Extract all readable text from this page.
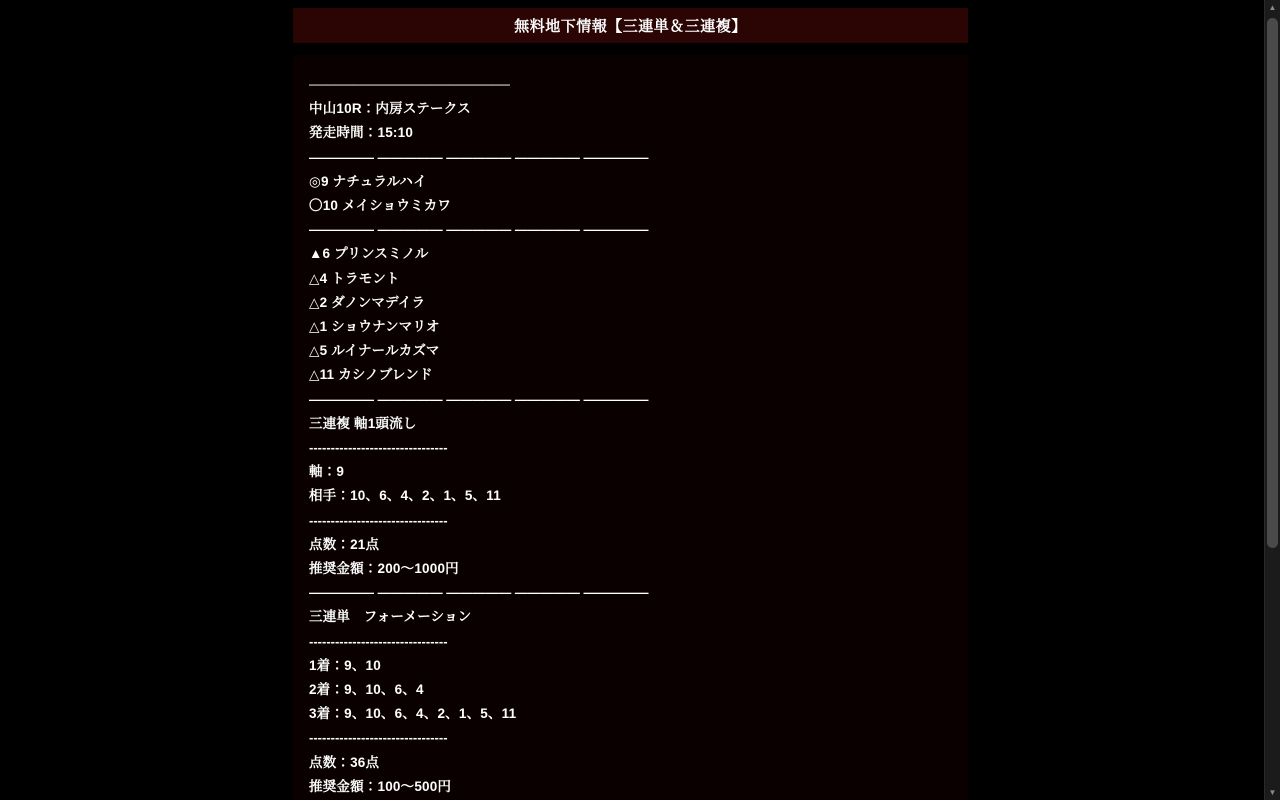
無料地下情報【三連単＆三連複】
───────────────────────
中山10R：内房ステークス
発走時間：15:10
――――― ――――― ――――― ――――― ―――――
◎9 ナチュラルハイ
〇10 メイショウミカワ
――――― ――――― ――――― ――――― ―――――
▲6 プリンスミノル
△4 トラモント
△2 ダノンマデイラ
△1 ショウナンマリオ
△5 ルイナールカズマ
△11 カシノブレンド
――――― ――――― ――――― ――――― ―――――
三連複 軸1頭流し
--------------------------------
軸：9
相手：10、6、4、2、1、5、11
--------------------------------
点数：21点
推奨金額：200〜1000円
――――― ――――― ――――― ――――― ―――――
三連単　フォーメーション
--------------------------------
1着：9、10
2着：9、10、6、4
3着：9、10、6、4、2、1、5、11
--------------------------------
点数：36点
推奨金額：100〜500円
▲
▼
